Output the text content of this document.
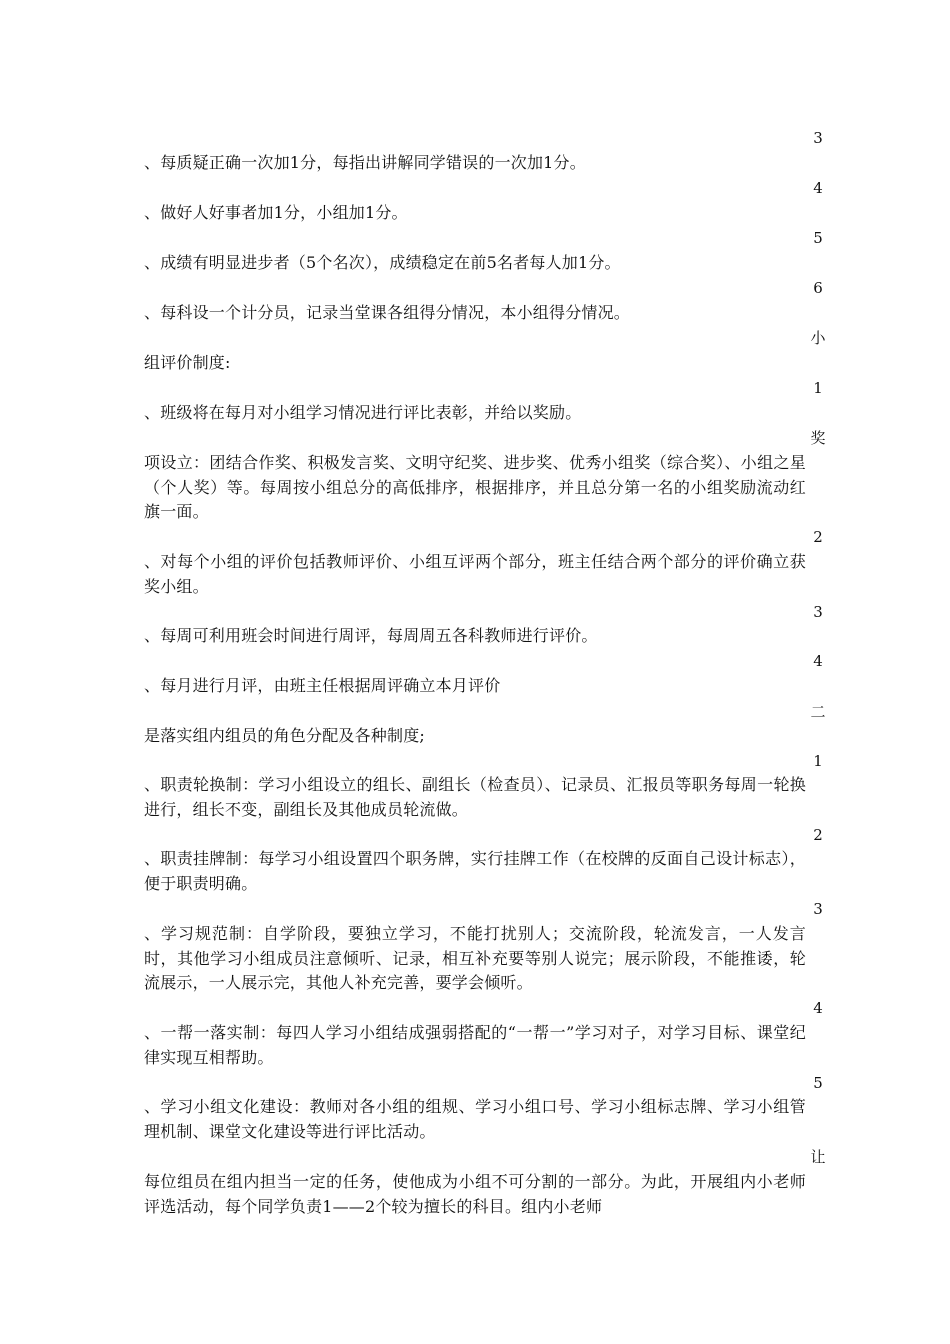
3
、每质疑正确一次加1分，每指出讲解同学错误的一次加1分。
4
、做好人好事者加1分，小组加1分。
5
、成绩有明显进步者（5个名次），成绩稳定在前5名者每人加1分。
6
、每科设一个计分员，记录当堂课各组得分情况，本小组得分情况。
小
组评价制度:
1
、班级将在每月对小组学习情况进行评比表彰，并给以奖励。
奖
项设立：团结合作奖、积极发言奖、文明守纪奖、进步奖、优秀小组奖（综合奖）、小组之星（个人奖）等。每周按小组总分的高低排序，根据排序，并且总分第一名的小组奖励流动红旗一面。
2
、对每个小组的评价包括教师评价、小组互评两个部分，班主任结合两个部分的评价确立获奖小组。
3
、每周可利用班会时间进行周评，每周周五各科教师进行评价。
4
、每月进行月评，由班主任根据周评确立本月评价
二
是落实组内组员的角色分配及各种制度;
1
、职责轮换制：学习小组设立的组长、副组长（检查员）、记录员、汇报员等职务每周一轮换进行，组长不变，副组长及其他成员轮流做。
2
、职责挂牌制：每学习小组设置四个职务牌，实行挂牌工作（在校牌的反面自己设计标志），便于职责明确。
3
、学习规范制：自学阶段，要独立学习，不能打扰别人；交流阶段，轮流发言，一人发言时，其他学习小组成员注意倾听、记录，相互补充要等别人说完；展示阶段，不能推诿，轮流展示，一人展示完，其他人补充完善，要学会倾听。
4
、一帮一落实制：每四人学习小组结成强弱搭配的“一帮一”学习对子，对学习目标、课堂纪律实现互相帮助。
5
、学习小组文化建设：教师对各小组的组规、学习小组口号、学习小组标志牌、学习小组管理机制、课堂文化建设等进行评比活动。
让
每位组员在组内担当一定的任务，使他成为小组不可分割的一部分。为此，开展组内小老师评选活动，每个同学负责1——2个较为擅长的科目。组内小老师
